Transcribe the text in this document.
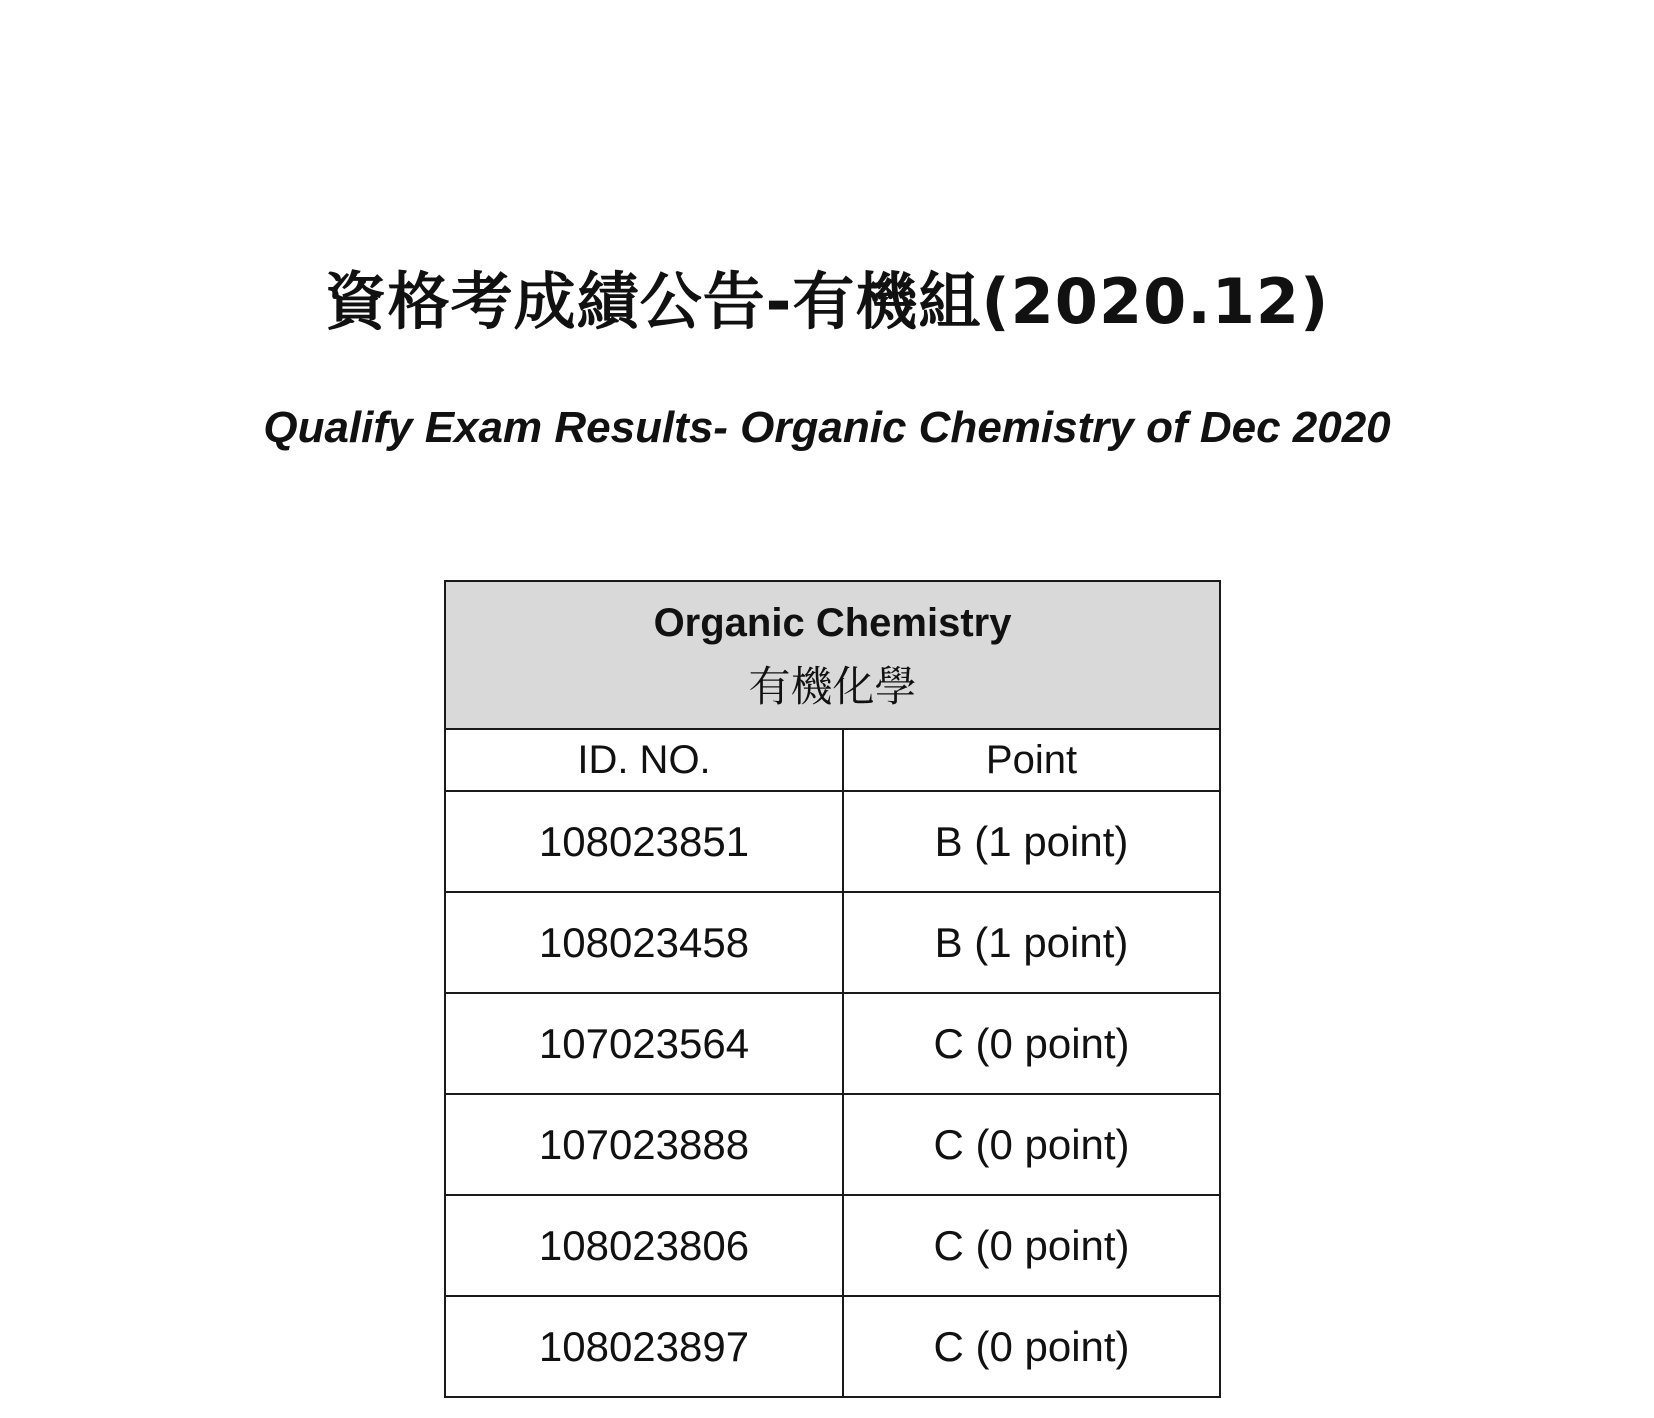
資格考成績公告-有機組(2020.12)
Qualify Exam Results- Organic Chemistry of Dec 2020
Organic Chemistry
有機化學	

ID. NO.	Point
108023851	B (1 point)
108023458	B (1 point)
107023564	C (0 point)
107023888	C (0 point)
108023806	C (0 point)
108023897	C (0 point)
